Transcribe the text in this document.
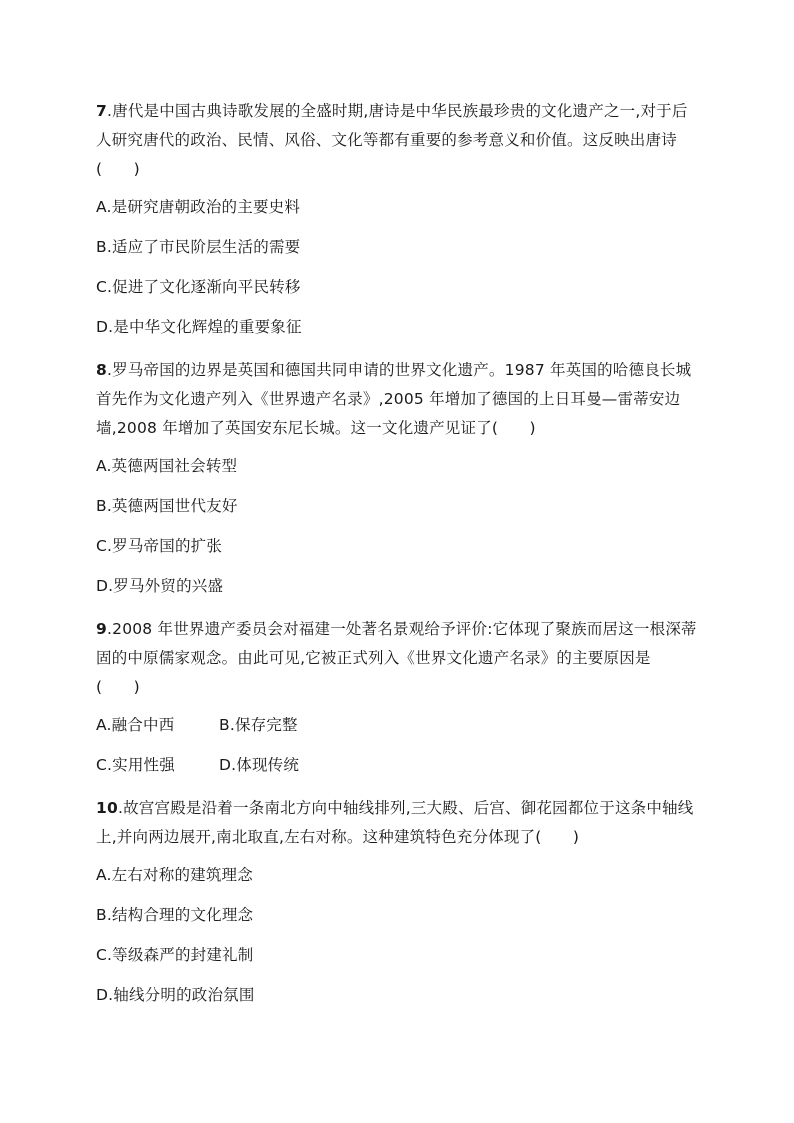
7.唐代是中国古典诗歌发展的全盛时期,唐诗是中华民族最珍贵的文化遗产之一,对于后
人研究唐代的政治、民情、风俗、文化等都有重要的参考意义和价值。这反映出唐诗
(　　)

A.是研究唐朝政治的主要史料

B.适应了市民阶层生活的需要

C.促进了文化逐渐向平民转移

D.是中华文化辉煌的重要象征

8.罗马帝国的边界是英国和德国共同申请的世界文化遗产。1987 年英国的哈德良长城
首先作为文化遗产列入《世界遗产名录》,2005 年增加了德国的上日耳曼—雷蒂安边
墙,2008 年增加了英国安东尼长城。这一文化遗产见证了(　　)

A.英德两国社会转型

B.英德两国世代友好

C.罗马帝国的扩张

D.罗马外贸的兴盛

9.2008 年世界遗产委员会对福建一处著名景观给予评价:它体现了聚族而居这一根深蒂
固的中原儒家观念。由此可见,它被正式列入《世界文化遗产名录》的主要原因是
(　　)

A.融合中西	B.保存完整
C.实用性强	D.体现传统

10.故宫宫殿是沿着一条南北方向中轴线排列,三大殿、后宫、御花园都位于这条中轴线
上,并向两边展开,南北取直,左右对称。这种建筑特色充分体现了(　　)

A.左右对称的建筑理念

B.结构合理的文化理念

C.等级森严的封建礼制

D.轴线分明的政治氛围
